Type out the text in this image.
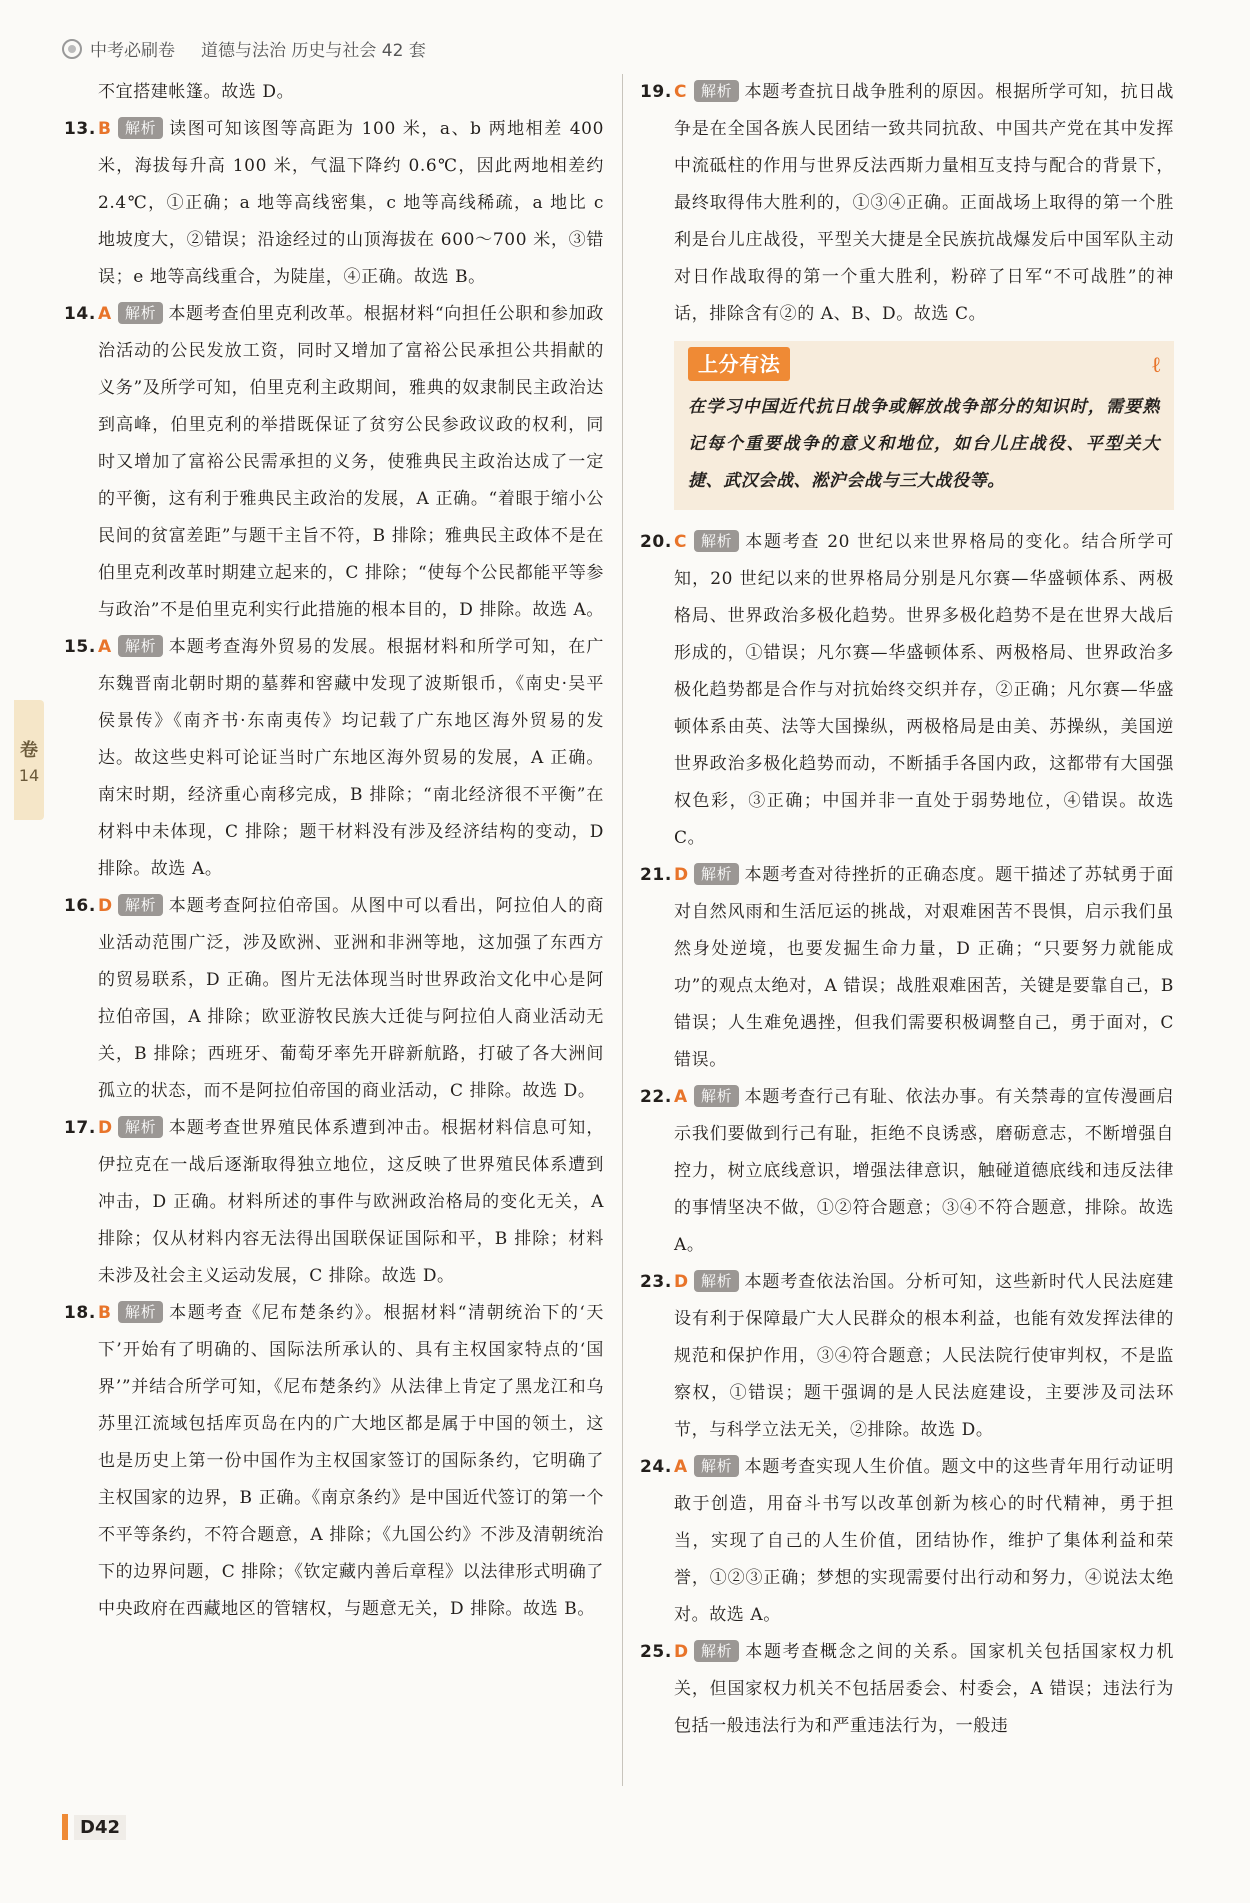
中考必刷卷 道德与法治 历史与社会 42 套
卷
14
不宜搭建帐篷。故选 D。
13. B 解析 读图可知该图等高距为 100 米，a、b 两地相差 400 米，海拔每升高 100 米，气温下降约 0.6℃，因此两地相差约 2.4℃，①正确；a 地等高线密集，c 地等高线稀疏，a 地比 c 地坡度大，②错误；沿途经过的山顶海拔在 600～700 米，③错误；e 地等高线重合，为陡崖，④正确。故选 B。
14. A 解析 本题考查伯里克利改革。根据材料“向担任公职和参加政治活动的公民发放工资，同时又增加了富裕公民承担公共捐献的义务”及所学可知，伯里克利主政期间，雅典的奴隶制民主政治达到高峰，伯里克利的举措既保证了贫穷公民参政议政的权利，同时又增加了富裕公民需承担的义务，使雅典民主政治达成了一定的平衡，这有利于雅典民主政治的发展，A 正确。“着眼于缩小公民间的贫富差距”与题干主旨不符，B 排除；雅典民主政体不是在伯里克利改革时期建立起来的，C 排除；“使每个公民都能平等参与政治”不是伯里克利实行此措施的根本目的，D 排除。故选 A。
15. A 解析 本题考查海外贸易的发展。根据材料和所学可知，在广东魏晋南北朝时期的墓葬和窖藏中发现了波斯银币，《南史·吴平侯景传》《南齐书·东南夷传》均记载了广东地区海外贸易的发达。故这些史料可论证当时广东地区海外贸易的发展，A 正确。南宋时期，经济重心南移完成，B 排除；“南北经济很不平衡”在材料中未体现，C 排除；题干材料没有涉及经济结构的变动，D 排除。故选 A。
16. D 解析 本题考查阿拉伯帝国。从图中可以看出，阿拉伯人的商业活动范围广泛，涉及欧洲、亚洲和非洲等地，这加强了东西方的贸易联系，D 正确。图片无法体现当时世界政治文化中心是阿拉伯帝国，A 排除；欧亚游牧民族大迁徙与阿拉伯人商业活动无关，B 排除；西班牙、葡萄牙率先开辟新航路，打破了各大洲间孤立的状态，而不是阿拉伯帝国的商业活动，C 排除。故选 D。
17. D 解析 本题考查世界殖民体系遭到冲击。根据材料信息可知，伊拉克在一战后逐渐取得独立地位，这反映了世界殖民体系遭到冲击，D 正确。材料所述的事件与欧洲政治格局的变化无关，A 排除；仅从材料内容无法得出国联保证国际和平，B 排除；材料未涉及社会主义运动发展，C 排除。故选 D。
18. B 解析 本题考查《尼布楚条约》。根据材料“清朝统治下的‘天下’开始有了明确的、国际法所承认的、具有主权国家特点的‘国界’”并结合所学可知，《尼布楚条约》从法律上肯定了黑龙江和乌苏里江流域包括库页岛在内的广大地区都是属于中国的领土，这也是历史上第一份中国作为主权国家签订的国际条约，它明确了主权国家的边界，B 正确。《南京条约》是中国近代签订的第一个不平等条约，不符合题意，A 排除；《九国公约》不涉及清朝统治下的边界问题，C 排除；《钦定藏内善后章程》以法律形式明确了中央政府在西藏地区的管辖权，与题意无关，D 排除。故选 B。
19. C 解析 本题考查抗日战争胜利的原因。根据所学可知，抗日战争是在全国各族人民团结一致共同抗敌、中国共产党在其中发挥中流砥柱的作用与世界反法西斯力量相互支持与配合的背景下，最终取得伟大胜利的，①③④正确。正面战场上取得的第一个胜利是台儿庄战役，平型关大捷是全民族抗战爆发后中国军队主动对日作战取得的第一个重大胜利，粉碎了日军“不可战胜”的神话，排除含有②的 A、B、D。故选 C。
上分有法	ℓ
在学习中国近代抗日战争或解放战争部分的知识时，需要熟记每个重要战争的意义和地位，如台儿庄战役、平型关大捷、武汉会战、淞沪会战与三大战役等。
20. C 解析 本题考查 20 世纪以来世界格局的变化。结合所学可知，20 世纪以来的世界格局分别是凡尔赛—华盛顿体系、两极格局、世界政治多极化趋势。世界多极化趋势不是在世界大战后形成的，①错误；凡尔赛—华盛顿体系、两极格局、世界政治多极化趋势都是合作与对抗始终交织并存，②正确；凡尔赛—华盛顿体系由英、法等大国操纵，两极格局是由美、苏操纵，美国逆世界政治多极化趋势而动，不断插手各国内政，这都带有大国强权色彩，③正确；中国并非一直处于弱势地位，④错误。故选 C。
21. D 解析 本题考查对待挫折的正确态度。题干描述了苏轼勇于面对自然风雨和生活厄运的挑战，对艰难困苦不畏惧，启示我们虽然身处逆境，也要发掘生命力量，D 正确；“只要努力就能成功”的观点太绝对，A 错误；战胜艰难困苦，关键是要靠自己，B 错误；人生难免遇挫，但我们需要积极调整自己，勇于面对，C 错误。
22. A 解析 本题考查行己有耻、依法办事。有关禁毒的宣传漫画启示我们要做到行己有耻，拒绝不良诱惑，磨砺意志，不断增强自控力，树立底线意识，增强法律意识，触碰道德底线和违反法律的事情坚决不做，①②符合题意；③④不符合题意，排除。故选 A。
23. D 解析 本题考查依法治国。分析可知，这些新时代人民法庭建设有利于保障最广大人民群众的根本利益，也能有效发挥法律的规范和保护作用，③④符合题意；人民法院行使审判权，不是监察权，①错误；题干强调的是人民法庭建设，主要涉及司法环节，与科学立法无关，②排除。故选 D。
24. A 解析 本题考查实现人生价值。题文中的这些青年用行动证明敢于创造，用奋斗书写以改革创新为核心的时代精神，勇于担当，实现了自己的人生价值，团结协作，维护了集体利益和荣誉，①②③正确；梦想的实现需要付出行动和努力，④说法太绝对。故选 A。
25. D 解析 本题考查概念之间的关系。国家机关包括国家权力机关，但国家权力机关不包括居委会、村委会，A 错误；违法行为包括一般违法行为和严重违法行为，一般违
D42
